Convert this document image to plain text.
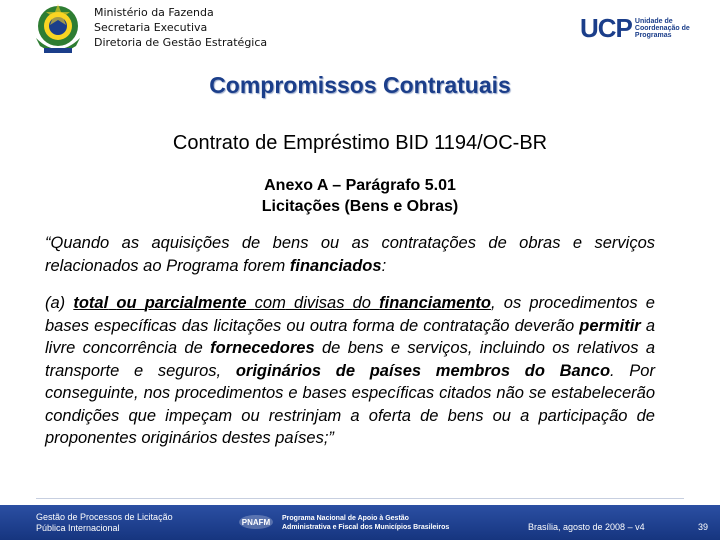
Ministério da Fazenda
Secretaria Executiva
Diretoria de Gestão Estratégica	UCP Unidade de
Coordenação de
Programas
Compromissos Contratuais
Contrato de Empréstimo BID 1194/OC-BR
Anexo A – Parágrafo 5.01
Licitações (Bens e Obras)
“Quando as aquisições de bens ou as contratações de obras e serviços relacionados ao Programa forem financiados:
(a) total ou parcialmente com divisas do financiamento, os procedimentos e bases específicas das licitações ou outra forma de contratação deverão permitir a livre concorrência de fornecedores de bens e serviços, incluindo os relativos a transporte e seguros, originários de países membros do Banco. Por conseguinte, nos procedimentos e bases específicas citados não se estabelecerão condições que impeçam ou restrinjam a oferta de bens ou a participação de proponentes originários destes países;”
Gestão de Processos de Licitação
Pública Internacional
PNAFM Programa Nacional de Apoio à Gestão
Administrativa e Fiscal dos Municípios Brasileiros	Brasília, agosto de 2008 – v4	39
